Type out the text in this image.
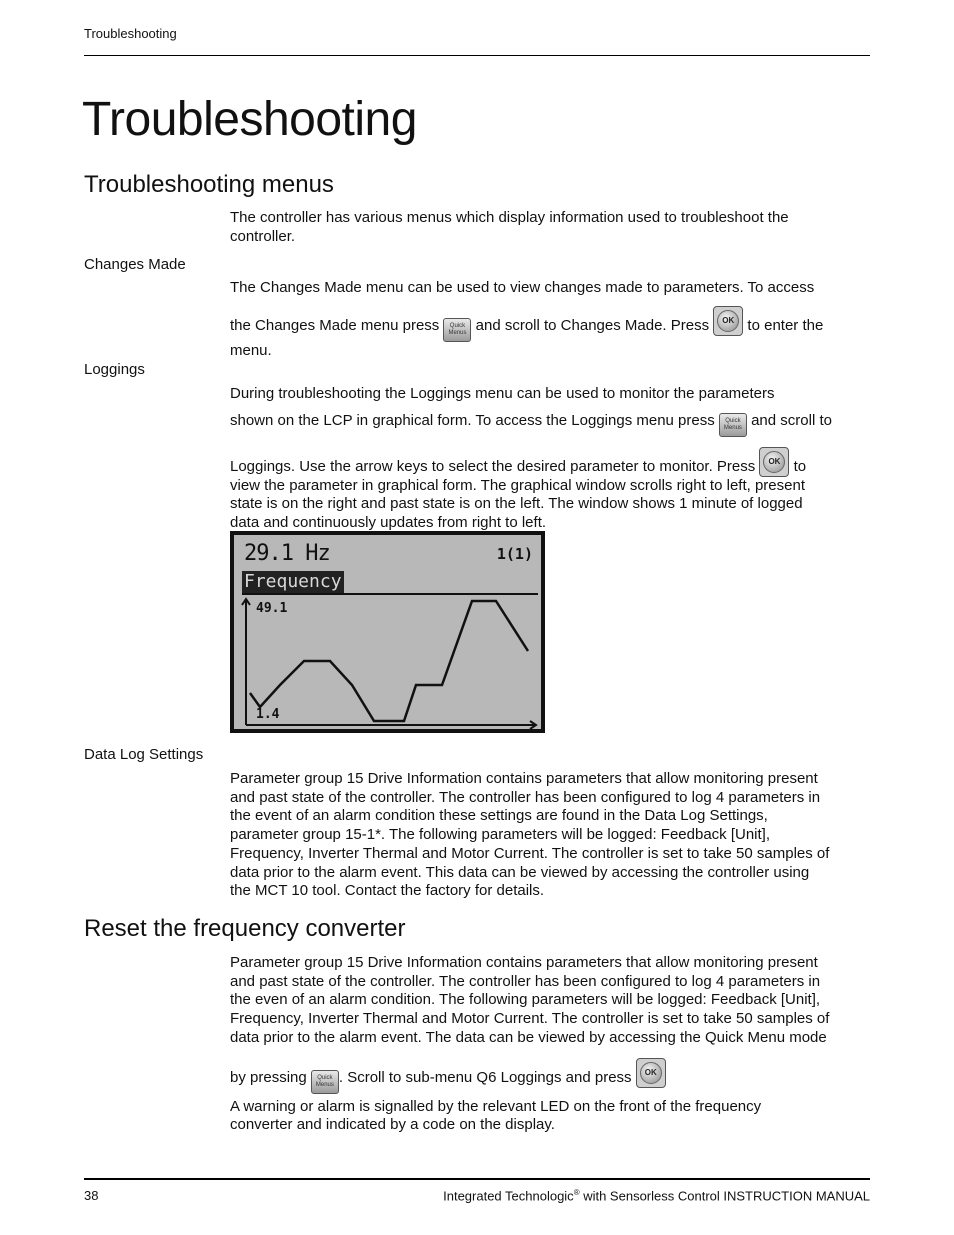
Troubleshooting
Troubleshooting
Troubleshooting menus

The controller has various menus which display information used to troubleshoot the
controller.

Changes Made

The Changes Made menu can be used to view changes made to parameters. To access
the Changes Made menu press Quick
Menus and scroll to Changes Made. Press	OK to enter the
menu.

Loggings

During troubleshooting the Loggings menu can be used to monitor the parameters
shown on the LCP in graphical form. To access the Loggings menu press Quick
Menus and scroll to
Loggings. Use the arrow keys to select the desired parameter to monitor. Press	OK to
view the parameter in graphical form. The graphical window scrolls right to left, present
state is on the right and past state is on the left. The window shows 1 minute of logged
data and continuously updates from right to left.

29.1 Hz	1(1)
Frequency
49.1
1.4
Data Log Settings

Parameter group 15 Drive Information contains parameters that allow monitoring present
and past state of the controller. The controller has been configured to log 4 parameters in
the event of an alarm condition these settings are found in the Data Log Settings,
parameter group 15-1*. The following parameters will be logged: Feedback [Unit],
Frequency, Inverter Thermal and Motor Current. The controller is set to take 50 samples of
data prior to the alarm event. This data can be viewed by accessing the controller using
the MCT 10 tool. Contact the factory for details.

Reset the frequency converter

Parameter group 15 Drive Information contains parameters that allow monitoring present
and past state of the controller. The controller has been configured to log 4 parameters in
the even of an alarm condition. The following parameters will be logged: Feedback [Unit],
Frequency, Inverter Thermal and Motor Current. The controller is set to take 50 samples of
data prior to the alarm event. The data can be viewed by accessing the Quick Menu mode
by pressing Quick
Menus . Scroll to sub-menu Q6 Loggings and press	OK
A warning or alarm is signalled by the relevant LED on the front of the frequency
converter and indicated by a code on the display.

38	Integrated Technologic® with Sensorless Control INSTRUCTION MANUAL
